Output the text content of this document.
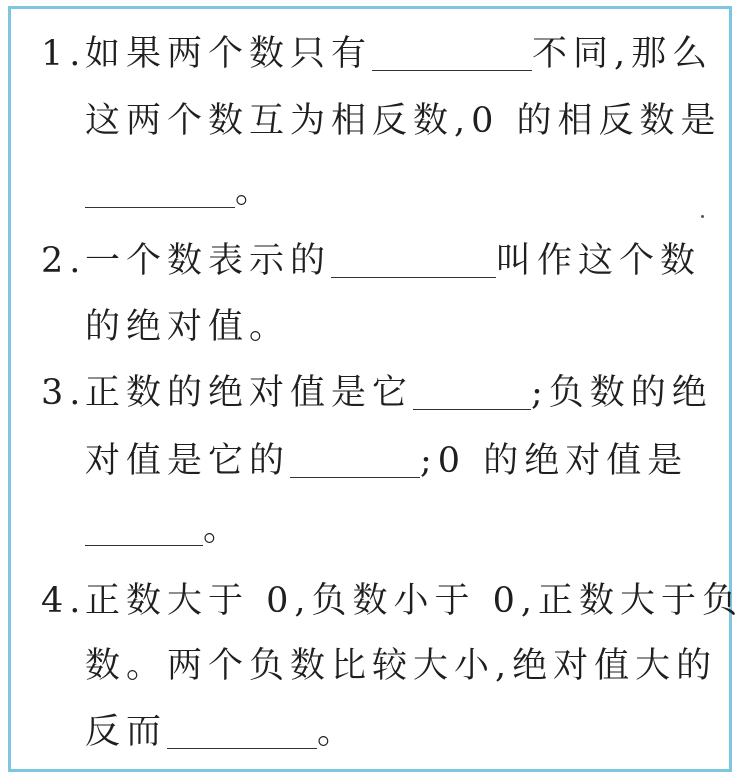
1.
如果两个数只有	不同,那么
这两个数互为相反数,0 的相反数是
。
2.
一个数表示的	叫作这个数
的绝对值。
3.
正数的绝对值是它	;负数的绝
对值是它的	;0 的绝对值是
。
4.
正数大于 0,负数小于 0,正数大于负
数。两个负数比较大小,绝对值大的
反而	。
